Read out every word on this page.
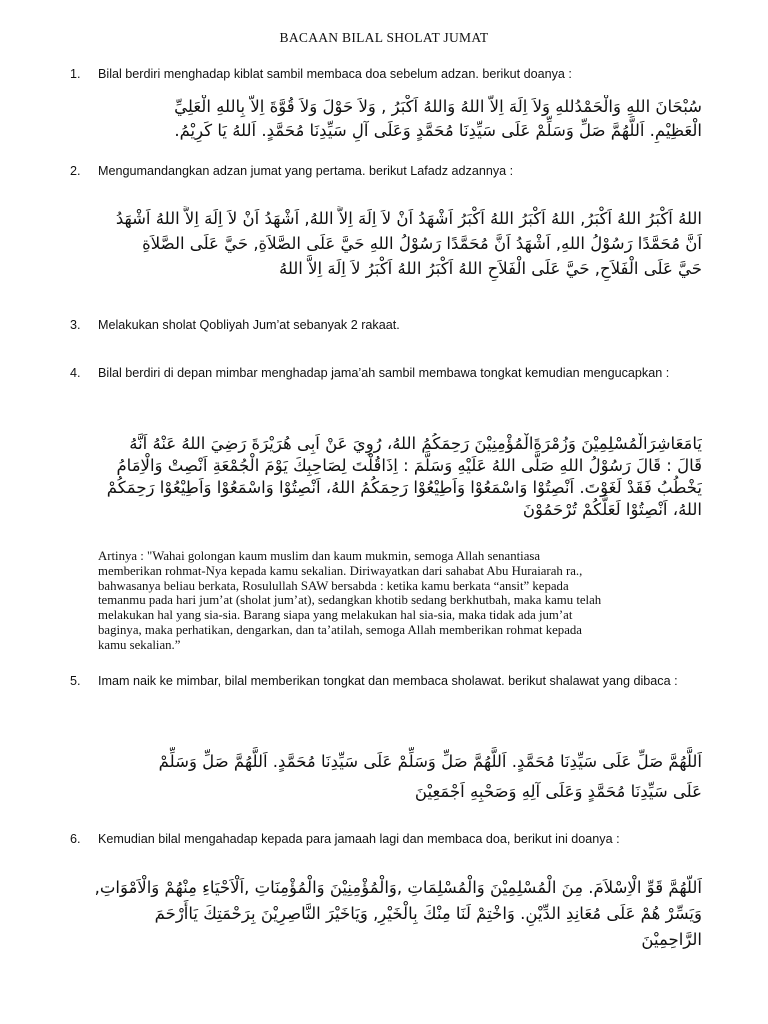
BACAAN BILAL SHOLAT JUMAT
1.	Bilal berdiri menghadap kiblat sambil membaca doa sebelum adzan. berikut doanya :
سُبْحَانَ اللهِ وَالْحَمْدُللهِ وَلاَ اِلَهَ اِلاَّ اللهُ وَاللهُ اَكْبَرُ , وَلاَ حَوْلَ وَلاَ قُوَّةَ اِلاَّ بِاللهِ الْعَلِيِّ
الْعَظِيْمِ. اَللَّهُمَّ صَلِّ وَسَلِّمْ عَلَى سَيِّدِنَا مُحَمَّدٍ وَعَلَى آلِ سَيِّدِنَا مُحَمَّدٍ. اَللهُ يَا كَرِيْمُ.
2.	Mengumandangkan adzan jumat yang pertama. berikut Lafadz adzannya :
اللهُ اَكْبَرُ اللهُ اَكْبَرُ, اللهُ اَكْبَرُ اللهُ اَكْبَرُ اَشْهَدُ اَنْ لاَ اِلَهَ اِلاَّ اللهُ, اَشْهَدُ اَنْ لاَ اِلَهَ اِلاَّ اللهُ اَشْهَدُ
اَنَّ مُحَمَّدًا رَسُوْلُ اللهِ, اَشْهَدُ اَنَّ مُحَمَّدًا رَسُوْلُ اللهِ حَيَّ عَلَى الصَّلاَةِ, حَيَّ عَلَى الصَّلاَةِ
حَيَّ عَلَى الْفَلاَحِ, حَيَّ عَلَى الْفَلاَحِ اللهُ اَكْبَرُ اللهُ اَكْبَرُ لاَ اِلَهَ اِلاَّ اللهُ
3.	Melakukan sholat Qobliyah Jum’at sebanyak 2 rakaat.
4.	Bilal berdiri di depan mimbar menghadap jama’ah sambil membawa tongkat kemudian mengucapkan :
يَامَعَاشِرَالْمُسْلِمِيْنَ وَزُمْرَةَالْمُؤْمِنِيْنَ رَحِمَكُمُ اللهُ، رُوِيَ عَنْ اَبِى هُرَيْرَةَ رَضِيَ اللهُ عَنْهُ اَنَّهُ
قَالَ : قَالَ رَسُوْلُ اللهِ صَلَّى اللهُ عَلَيْهِ وَسَلَّمَ : اِذَاقُلْتَ لِصَاحِبِكَ يَوْمَ الْجُمْعَةِ اَنْصِتْ وَالْاِمَامُ
يَخْطُبُ فَقَدْ لَغَوْتَ. اَنْصِتُوْا وَاسْمَعُوْا وَاَطِيْعُوْا رَحِمَكُمُ اللهُ، اَنْصِتُوْا وَاسْمَعُوْا وَاَطِيْعُوْا رَحِمَكُمْ
اللهُ، اَنْصِتُوْا لَعَلَّكُمْ تُرْحَمُوْنَ
Artinya : "Wahai golongan kaum muslim dan kaum mukmin, semoga Allah senantiasa
memberikan rohmat-Nya kepada kamu sekalian. Diriwayatkan dari sahabat Abu Huraiarah ra.,
bahwasanya beliau berkata, Rosulullah SAW bersabda : ketika kamu berkata “ansit” kepada
temanmu pada hari jum’at (sholat jum’at), sedangkan khotib sedang berkhutbah, maka kamu telah
melakukan hal yang sia-sia. Barang siapa yang melakukan hal sia-sia, maka tidak ada jum’at
baginya, maka perhatikan, dengarkan, dan ta’atilah, semoga Allah memberikan rohmat kepada
kamu sekalian.”
5.	Imam naik ke mimbar, bilal memberikan tongkat dan membaca sholawat. berikut shalawat yang dibaca :
اَللَّهُمَّ صَلِّ عَلَى سَيِّدِنَا مُحَمَّدٍ. اَللَّهُمَّ صَلِّ وَسَلِّمْ عَلَى سَيِّدِنَا مُحَمَّدٍ. اَللَّهُمَّ صَلِّ وَسَلِّمْ
عَلَى سَيِّدِنَا مُحَمَّدٍ وَعَلَى آلِهِ وَصَحْبِهِ اَجْمَعِيْنَ
6.	Kemudian bilal mengahadap kepada para jamaah lagi dan membaca doa, berikut ini doanya :
اَللَّهُمَّ قَوِّ الْاِسْلاَمَ. مِنَ الْمُسْلِمِيْنَ وَالْمُسْلِمَاتِ ,وَالْمُؤْمِنِيْنَ وَالْمُؤْمِنَاتِ ,اَلْاَحْيَاءِ مِنْهُمْ وَالْاَمْوَاتِ,
وَيَسِّرْ هُمْ عَلَى مُعَانِدِ الدِّيْنِ. وَاخْتِمْ لَنَا مِنْكَ بِالْخَيْرِ, وَيَاخَيْرَ النَّاصِرِيْنَ بِرَحْمَتِكَ يَاأَرْحَمَ
الرَّاحِمِيْنَ
